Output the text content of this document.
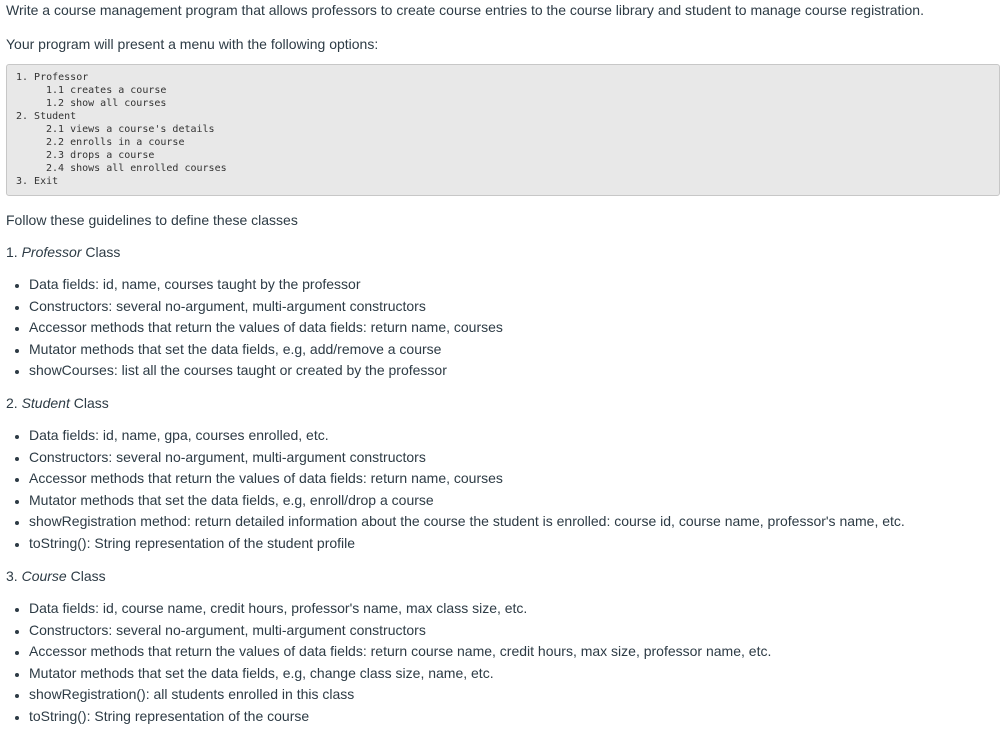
Write a course management program that allows professors to create course entries to the course library and student to manage course registration.

Your program will present a menu with the following options:

1. Professor
1.1 creates a course
1.2 show all courses
2. Student
2.1 views a course's details
2.2 enrolls in a course
2.3 drops a course
2.4 shows all enrolled courses
3. Exit

Follow these guidelines to define these classes

1. Professor Class

• Data fields: id, name, courses taught by the professor
• Constructors: several no-argument, multi-argument constructors
• Accessor methods that return the values of data fields: return name, courses
• Mutator methods that set the data fields, e.g, add/remove a course
• showCourses: list all the courses taught or created by the professor

2. Student Class

• Data fields: id, name, gpa, courses enrolled, etc.
• Constructors: several no-argument, multi-argument constructors
• Accessor methods that return the values of data fields: return name, courses
• Mutator methods that set the data fields, e.g, enroll/drop a course
• showRegistration method: return detailed information about the course the student is enrolled: course id, course name, professor's name, etc.
• toString(): String representation of the student profile

3. Course Class

• Data fields: id, course name, credit hours, professor's name, max class size, etc.
• Constructors: several no-argument, multi-argument constructors
• Accessor methods that return the values of data fields: return course name, credit hours, max size, professor name, etc.
• Mutator methods that set the data fields, e.g, change class size, name, etc.
• showRegistration(): all students enrolled in this class
• toString(): String representation of the course
